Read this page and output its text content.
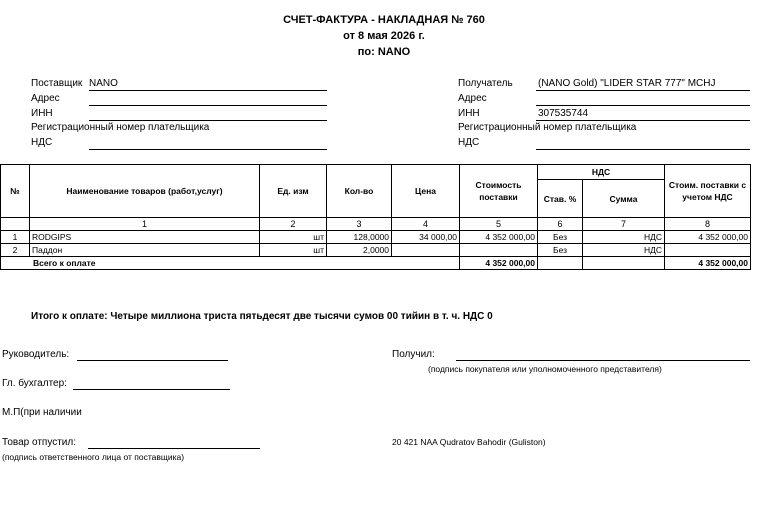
СЧЕТ-ФАКТУРА - НАКЛАДНАЯ № 760
от 8 мая 2026 г.
по: NANO
Поставщик NANO
Адрес
ИНН
Регистрационный номер плательщика
НДС
Получатель	(NANO Gold) "LIDER STAR 777" MCHJ
Адрес
ИНН	307535744
Регистрационный номер плательщика
НДС
№	Наименование товаров (работ,услуг)	Ед. изм	Кол-во	Цена	Стоимость поставки	НДС		Стоим. поставки с учетом НДС
						Став. %	Сумма	
	1	2	3	4	5	6	7	8
1	RODGIPS	шт	128,0000	34 000,00	4 352 000,00	Без	НДС	4 352 000,00
2	Паддон	шт	2,0000			Без	НДС	
Всего к оплате					4 352 000,00			4 352 000,00
Итого к оплате: Четыре миллиона триста пятьдесят две тысячи сумов 00 тийин в т. ч. НДС 0
Руководитель:
Гл. бухгалтер:
М.П(при наличии
Товар отпустил:
(подпись ответственного лица от поставщика)
Получил:
(подпись покупателя или уполномоченного представителя)
20 421 NAA Qudratov Bahodir (Guliston)
